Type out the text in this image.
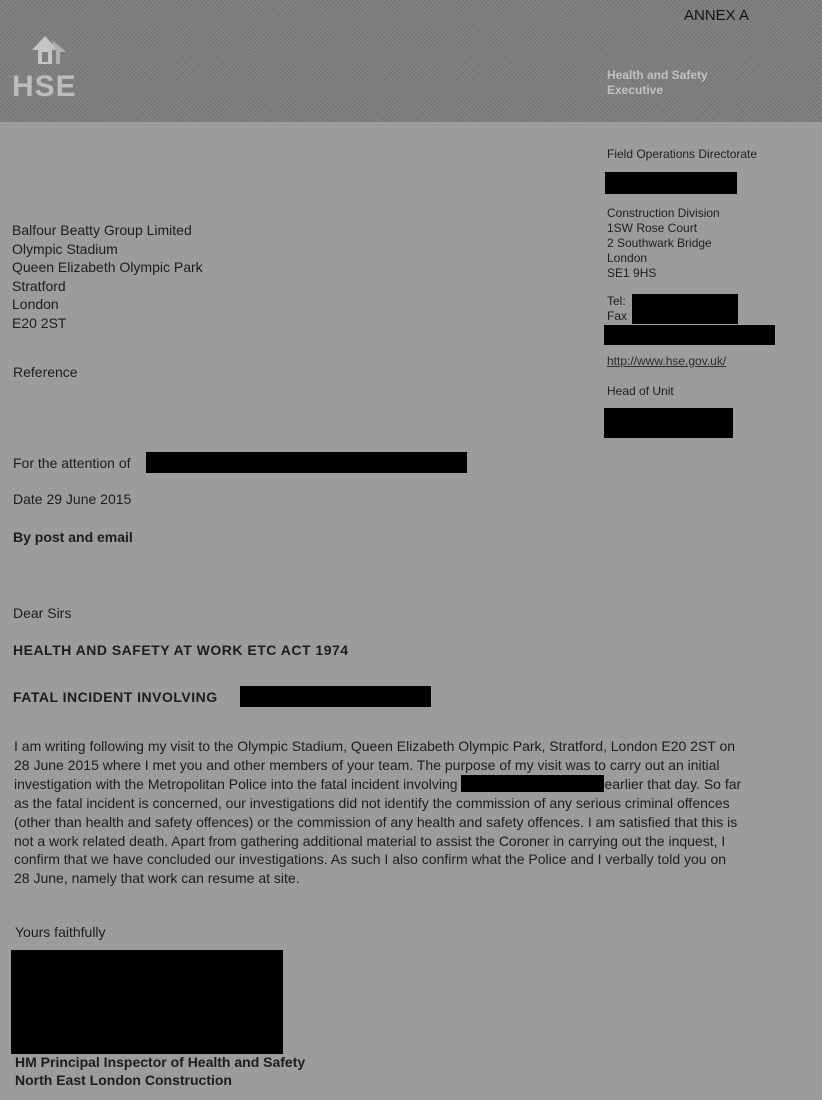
HSE	Health and Safety
Executive
ANNEX A
Field Operations Directorate
Construction Division
1SW Rose Court
2 Southwark Bridge
London
SE1 9HS
Tel:
Fax
http://www.hse.gov.uk/
Head of Unit
Balfour Beatty Group Limited
Olympic Stadium
Queen Elizabeth Olympic Park
Stratford
London
E20 2ST
Reference
For the attention of
Date 29 June 2015
By post and email
Dear Sirs
HEALTH AND SAFETY AT WORK ETC ACT 1974
FATAL INCIDENT INVOLVING
I am writing following my visit to the Olympic Stadium, Queen Elizabeth Olympic Park, Stratford, London E20 2ST on 28 June 2015 where I met you and other members of your team. The purpose of my visit was to carry out an initial investigation with the Metropolitan Police into the fatal incident involving	earlier that day. So far as the fatal incident is concerned, our investigations did not identify the commission of any serious criminal offences (other than health and safety offences) or the commission of any health and safety offences. I am satisfied that this is not a work related death. Apart from gathering additional material to assist the Coroner in carrying out the inquest, I confirm that we have concluded our investigations. As such I also confirm what the Police and I verbally told you on 28 June, namely that work can resume at site.
Yours faithfully
HM Principal Inspector of Health and Safety
North East London Construction
